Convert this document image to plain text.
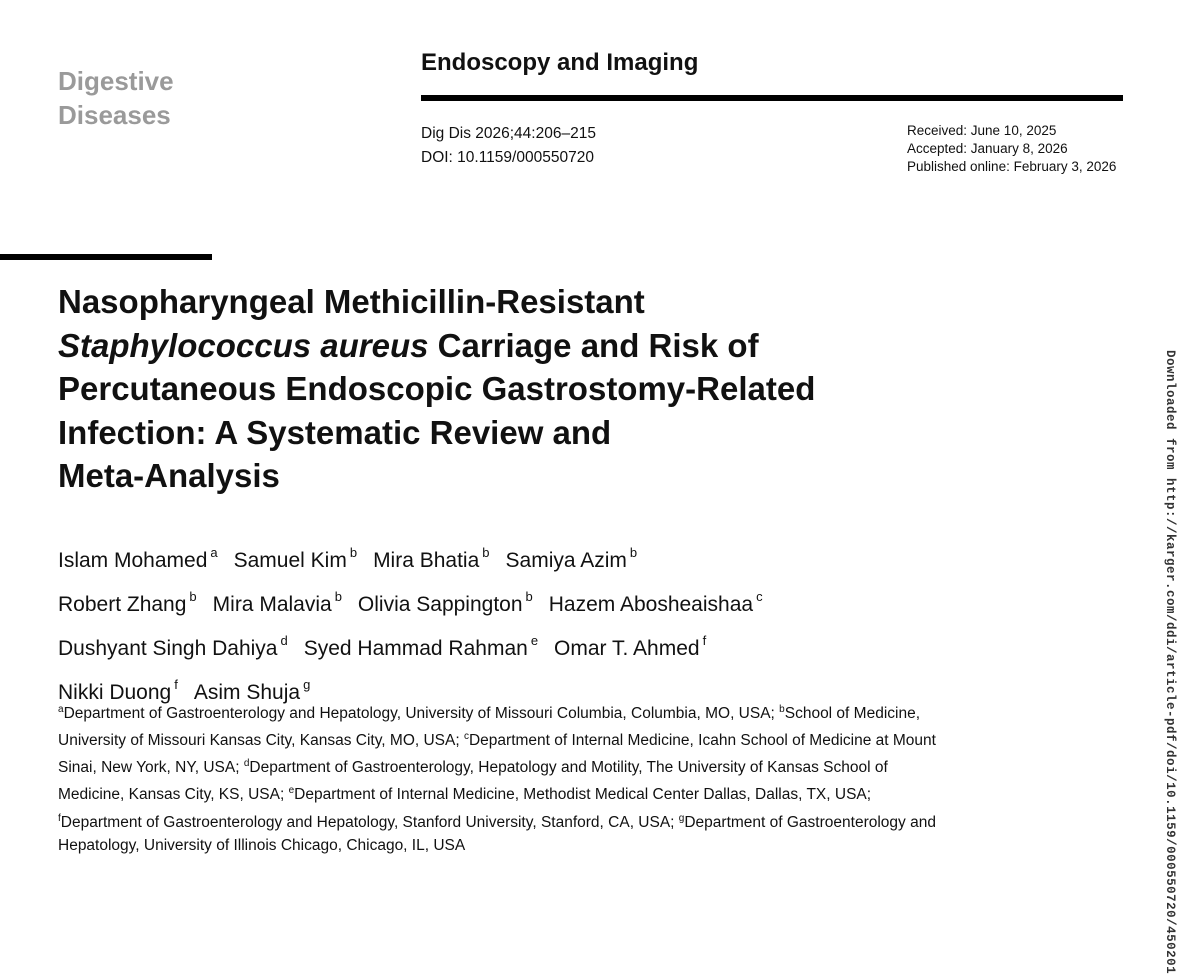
Digestive
Diseases
Endoscopy and Imaging
Dig Dis 2026;44:206–215
DOI: 10.1159/000550720
Received: June 10, 2025
Accepted: January 8, 2026
Published online: February 3, 2026
Nasopharyngeal Methicillin-Resistant
Staphylococcus aureus Carriage and Risk of
Percutaneous Endoscopic Gastrostomy-Related
Infection: A Systematic Review and
Meta-Analysis
Islam Mohamed $^a$ Samuel Kim $^b$ Mira Bhatia $^b$ Samiya Azim $^b$
Robert Zhang $^b$ Mira Malavia $^b$ Olivia Sappington $^b$ Hazem Abosheaishaa $^c$
Dushyant Singh Dahiya $^d$ Syed Hammad Rahman $^e$ Omar T. Ahmed $^f$
Nikki Duong $^f$ Asim Shuja $^g$
$^a$Department of Gastroenterology and Hepatology, University of Missouri Columbia, Columbia, MO, USA; $^b$School of Medicine, University of Missouri Kansas City, Kansas City, MO, USA; $^c$Department of Internal Medicine, Icahn School of Medicine at Mount Sinai, New York, NY, USA; $^d$Department of Gastroenterology, Hepatology and Motility, The University of Kansas School of Medicine, Kansas City, KS, USA; $^e$Department of Internal Medicine, Methodist Medical Center Dallas, Dallas, TX, USA; $^f$Department of Gastroenterology and Hepatology, Stanford University, Stanford, CA, USA; $^g$Department of Gastroenterology and Hepatology, University of Illinois Chicago, Chicago, IL, USA	Downloaded from http://karger.com/ddi/article-pdf/doi/10.1159/000550720/450201
